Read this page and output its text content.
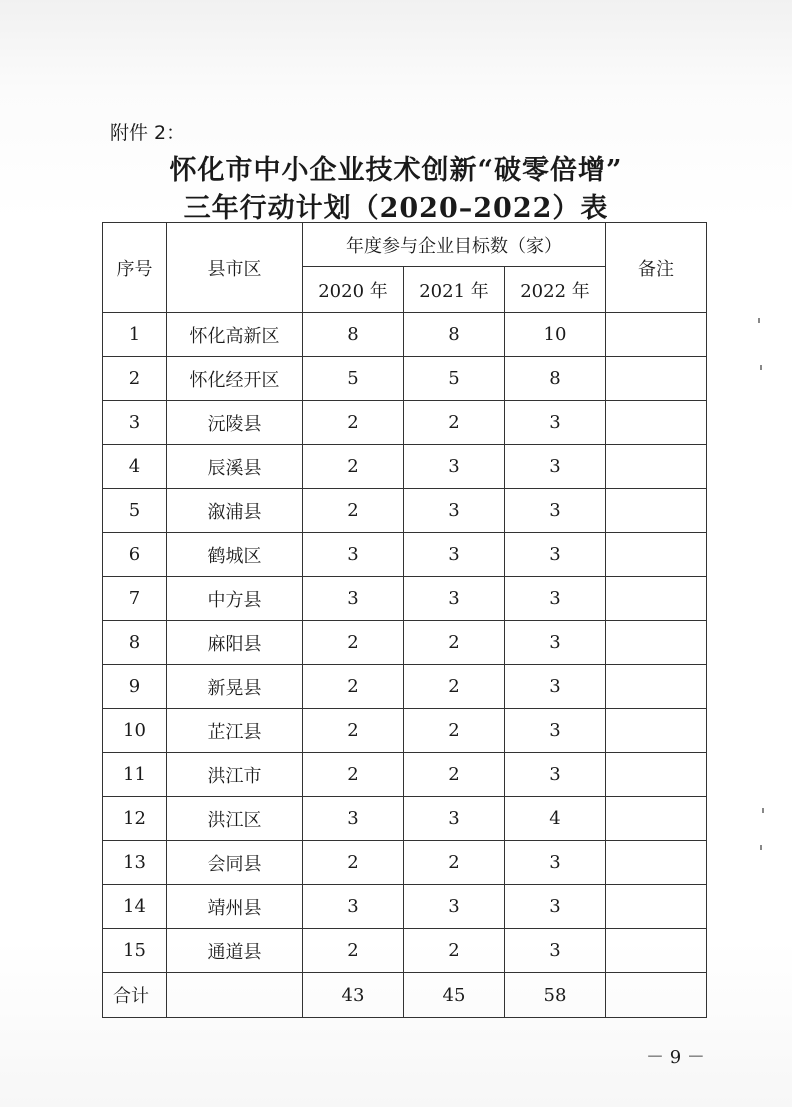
附件 2：
怀化市中小企业技术创新“破零倍增”
三年行动计划（2020–2022）表
序号	县市区	年度参与企业目标数（家）			备注
		2020 年	2021 年	2022 年	
1	怀化高新区	8	8	10	
2	怀化经开区	5	5	8	
3	沅陵县	2	2	3	
4	辰溪县	2	3	3	
5	溆浦县	2	3	3	
6	鹤城区	3	3	3	
7	中方县	3	3	3	
8	麻阳县	2	2	3	
9	新晃县	2	2	3	
10	芷江县	2	2	3	
11	洪江市	2	2	3	
12	洪江区	3	3	4	
13	会同县	2	2	3	
14	靖州县	3	3	3	
15	通道县	2	2	3	
合计		43	45	58	
－ 9 －
